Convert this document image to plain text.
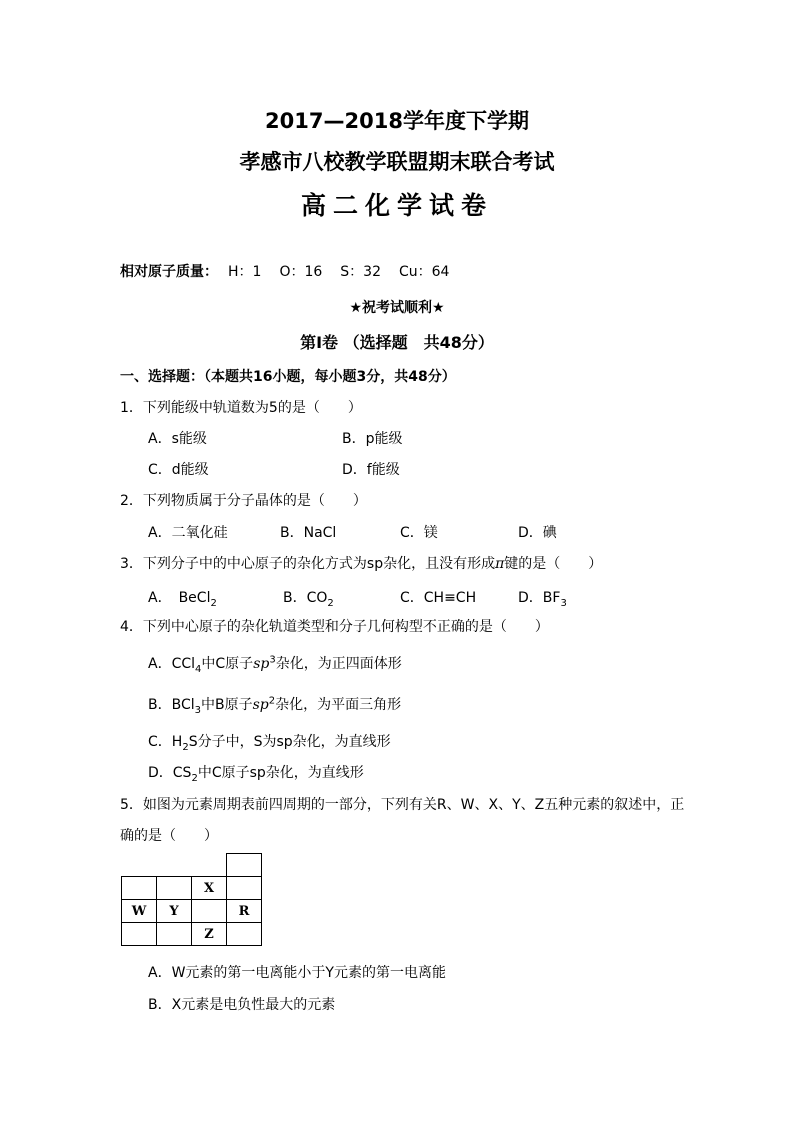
2017—2018学年度下学期
孝感市八校教学联盟期末联合考试
高二化学试卷
相对原子质量： H：1 O：16 S：32 Cu：64
★祝考试顺利★
第Ⅰ卷 （选择题　共48分）
一、选择题：（本题共16小题，每小题3分，共48分）
1．下列能级中轨道数为5的是（　　）
A．s能级	B．p能级
C．d能级	D．f能级
2．下列物质属于分子晶体的是（　　）
A．二氧化硅	B．NaCl	C．镁	D．碘
3．下列分子中的中心原子的杂化方式为sp杂化，且没有形成π键的是（　　）
A．　BeCl$_2$	B．$CO_2$	C．CH≡CH	D．$BF_3$
4．下列中心原子的杂化轨道类型和分子几何构型不正确的是（　　）
A．CCl$_4$中C原子$sp^3$杂化，为正四面体形
B．BCl$_3$中B原子$sp^2$杂化，为平面三角形
C．$H_2S$分子中，S为sp杂化，为直线形
D．$CS_2$中C原子sp杂化，为直线形
5．如图为元素周期表前四周期的一部分，下列有关R、W、X、Y、Z五种元素的叙述中，正
确的是（　　）

		X	
W	Y		R
		Z	
A．W元素的第一电离能小于Y元素的第一电离能
B．X元素是电负性最大的元素
